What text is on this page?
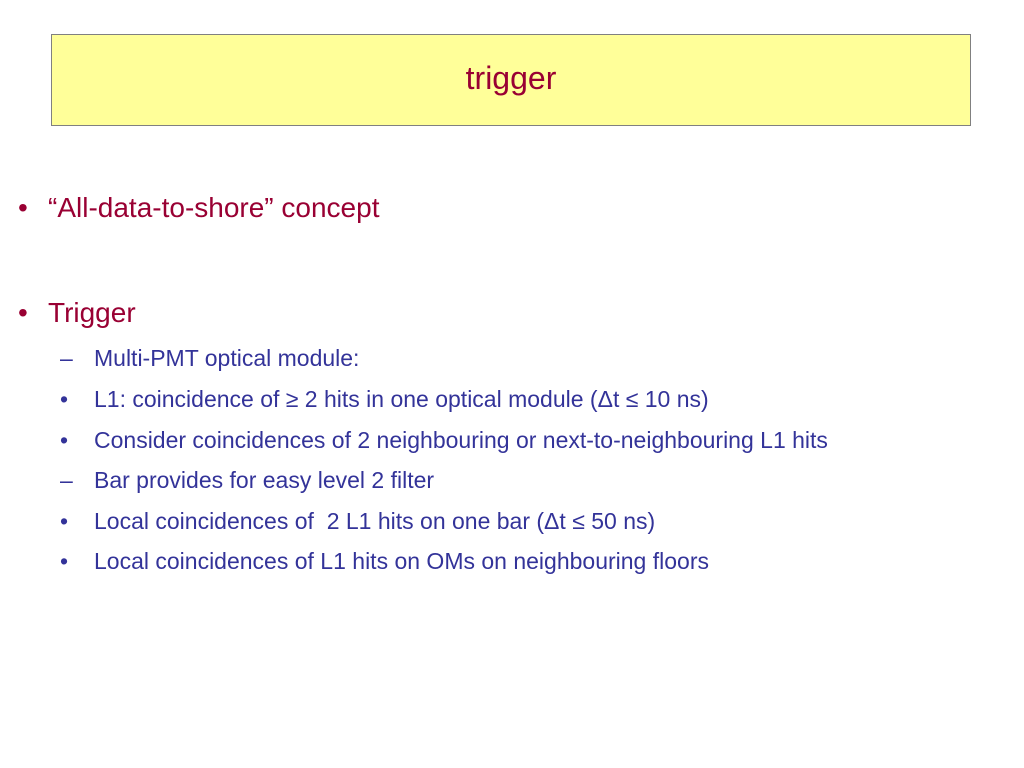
trigger
• “All-data-to-shore” concept
• Trigger
– Multi-PMT optical module:
• L1: coincidence of ≥ 2 hits in one optical module (Δt ≤ 10 ns)
• Consider coincidences of 2 neighbouring or next-to-neighbouring L1 hits
– Bar provides for easy level 2 filter
• Local coincidences of  2 L1 hits on one bar (Δt ≤ 50 ns)
• Local coincidences of L1 hits on OMs on neighbouring floors
